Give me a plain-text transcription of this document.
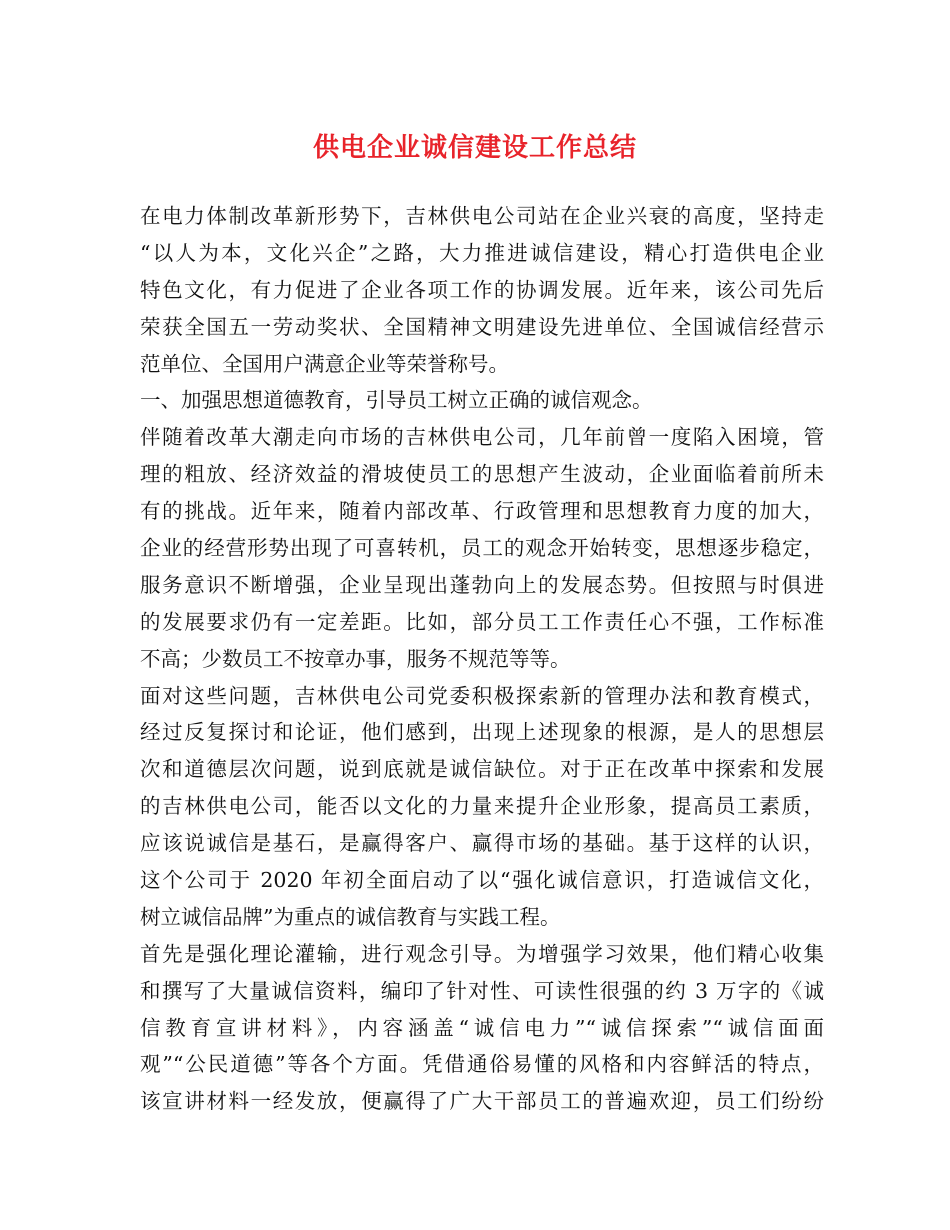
供电企业诚信建设工作总结
在电力体制改革新形势下，吉林供电公司站在企业兴衰的高度，坚持走
“以人为本，文化兴企”之路，大力推进诚信建设，精心打造供电企业
特色文化，有力促进了企业各项工作的协调发展。近年来，该公司先后
荣获全国五一劳动奖状、全国精神文明建设先进单位、全国诚信经营示
范单位、全国用户满意企业等荣誉称号。
一、加强思想道德教育，引导员工树立正确的诚信观念。
伴随着改革大潮走向市场的吉林供电公司，几年前曾一度陷入困境，管
理的粗放、经济效益的滑坡使员工的思想产生波动，企业面临着前所未
有的挑战。近年来，随着内部改革、行政管理和思想教育力度的加大，
企业的经营形势出现了可喜转机，员工的观念开始转变，思想逐步稳定，
服务意识不断增强，企业呈现出蓬勃向上的发展态势。但按照与时俱进
的发展要求仍有一定差距。比如，部分员工工作责任心不强，工作标准
不高；少数员工不按章办事，服务不规范等等。
面对这些问题，吉林供电公司党委积极探索新的管理办法和教育模式，
经过反复探讨和论证，他们感到，出现上述现象的根源，是人的思想层
次和道德层次问题，说到底就是诚信缺位。对于正在改革中探索和发展
的吉林供电公司，能否以文化的力量来提升企业形象，提高员工素质，
应该说诚信是基石，是赢得客户、赢得市场的基础。基于这样的认识，
这个公司于 2020 年初全面启动了以“强化诚信意识，打造诚信文化，
树立诚信品牌”为重点的诚信教育与实践工程。
首先是强化理论灌输，进行观念引导。为增强学习效果，他们精心收集
和撰写了大量诚信资料，编印了针对性、可读性很强的约 3 万字的《诚
信教育宣讲材料》，内容涵盖“诚信电力”“诚信探索”“诚信面面
观”“公民道德”等各个方面。凭借通俗易懂的风格和内容鲜活的特点，
该宣讲材料一经发放，便赢得了广大干部员工的普遍欢迎，员工们纷纷
